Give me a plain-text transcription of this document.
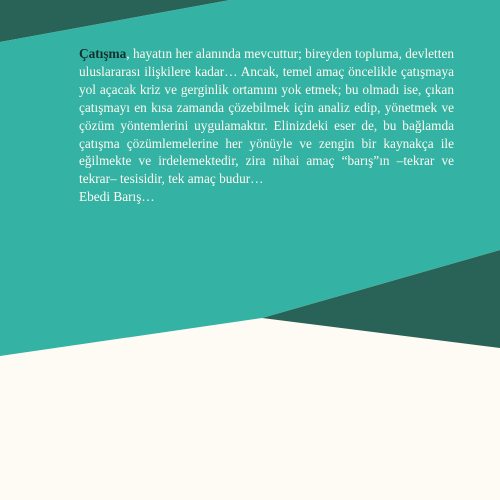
Çatışma, hayatın her alanında mevcuttur; bireyden topluma, devletten uluslararası ilişkilere kadar… Ancak, temel amaç öncelikle çatışmaya yol açacak kriz ve gerginlik ortamını yok etmek; bu olmadı ise, çıkan çatışmayı en kısa zamanda çözebilmek için analiz edip, yönetmek ve çözüm yöntemlerini uygulamaktır. Elinizdeki eser de, bu bağlamda çatışma çözümlemelerine her yönüyle ve zengin bir kaynakça ile eğilmekte ve irdelemektedir, zira nihai amaç “barış”ın –tekrar ve tekrar– tesisidir, tek amaç budur…

Ebedi Barış…
